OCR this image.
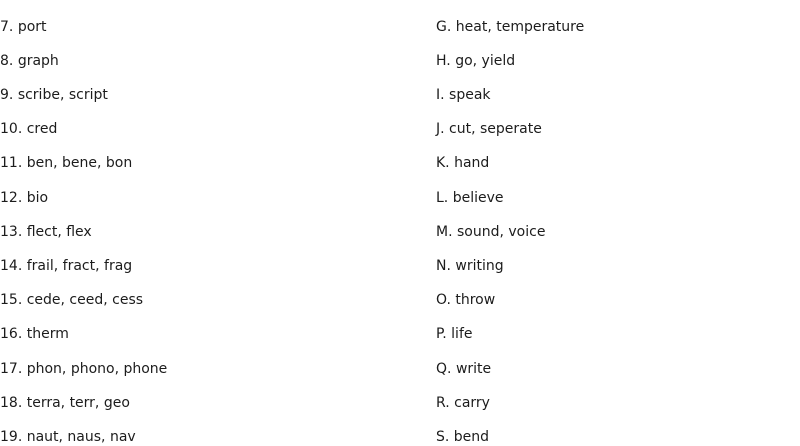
7. port
8. graph
9. scribe, script
10. cred
11. ben, bene, bon
12. bio
13. flect, flex
14. frail, fract, frag
15. cede, ceed, cess
16. therm
17. phon, phono, phone
18. terra, terr, geo
19. naut, naus, nav
G. heat, temperature
H. go, yield
I. speak
J. cut, seperate
K. hand
L. believe
M. sound, voice
N. writing
O. throw
P. life
Q. write
R. carry
S. bend
